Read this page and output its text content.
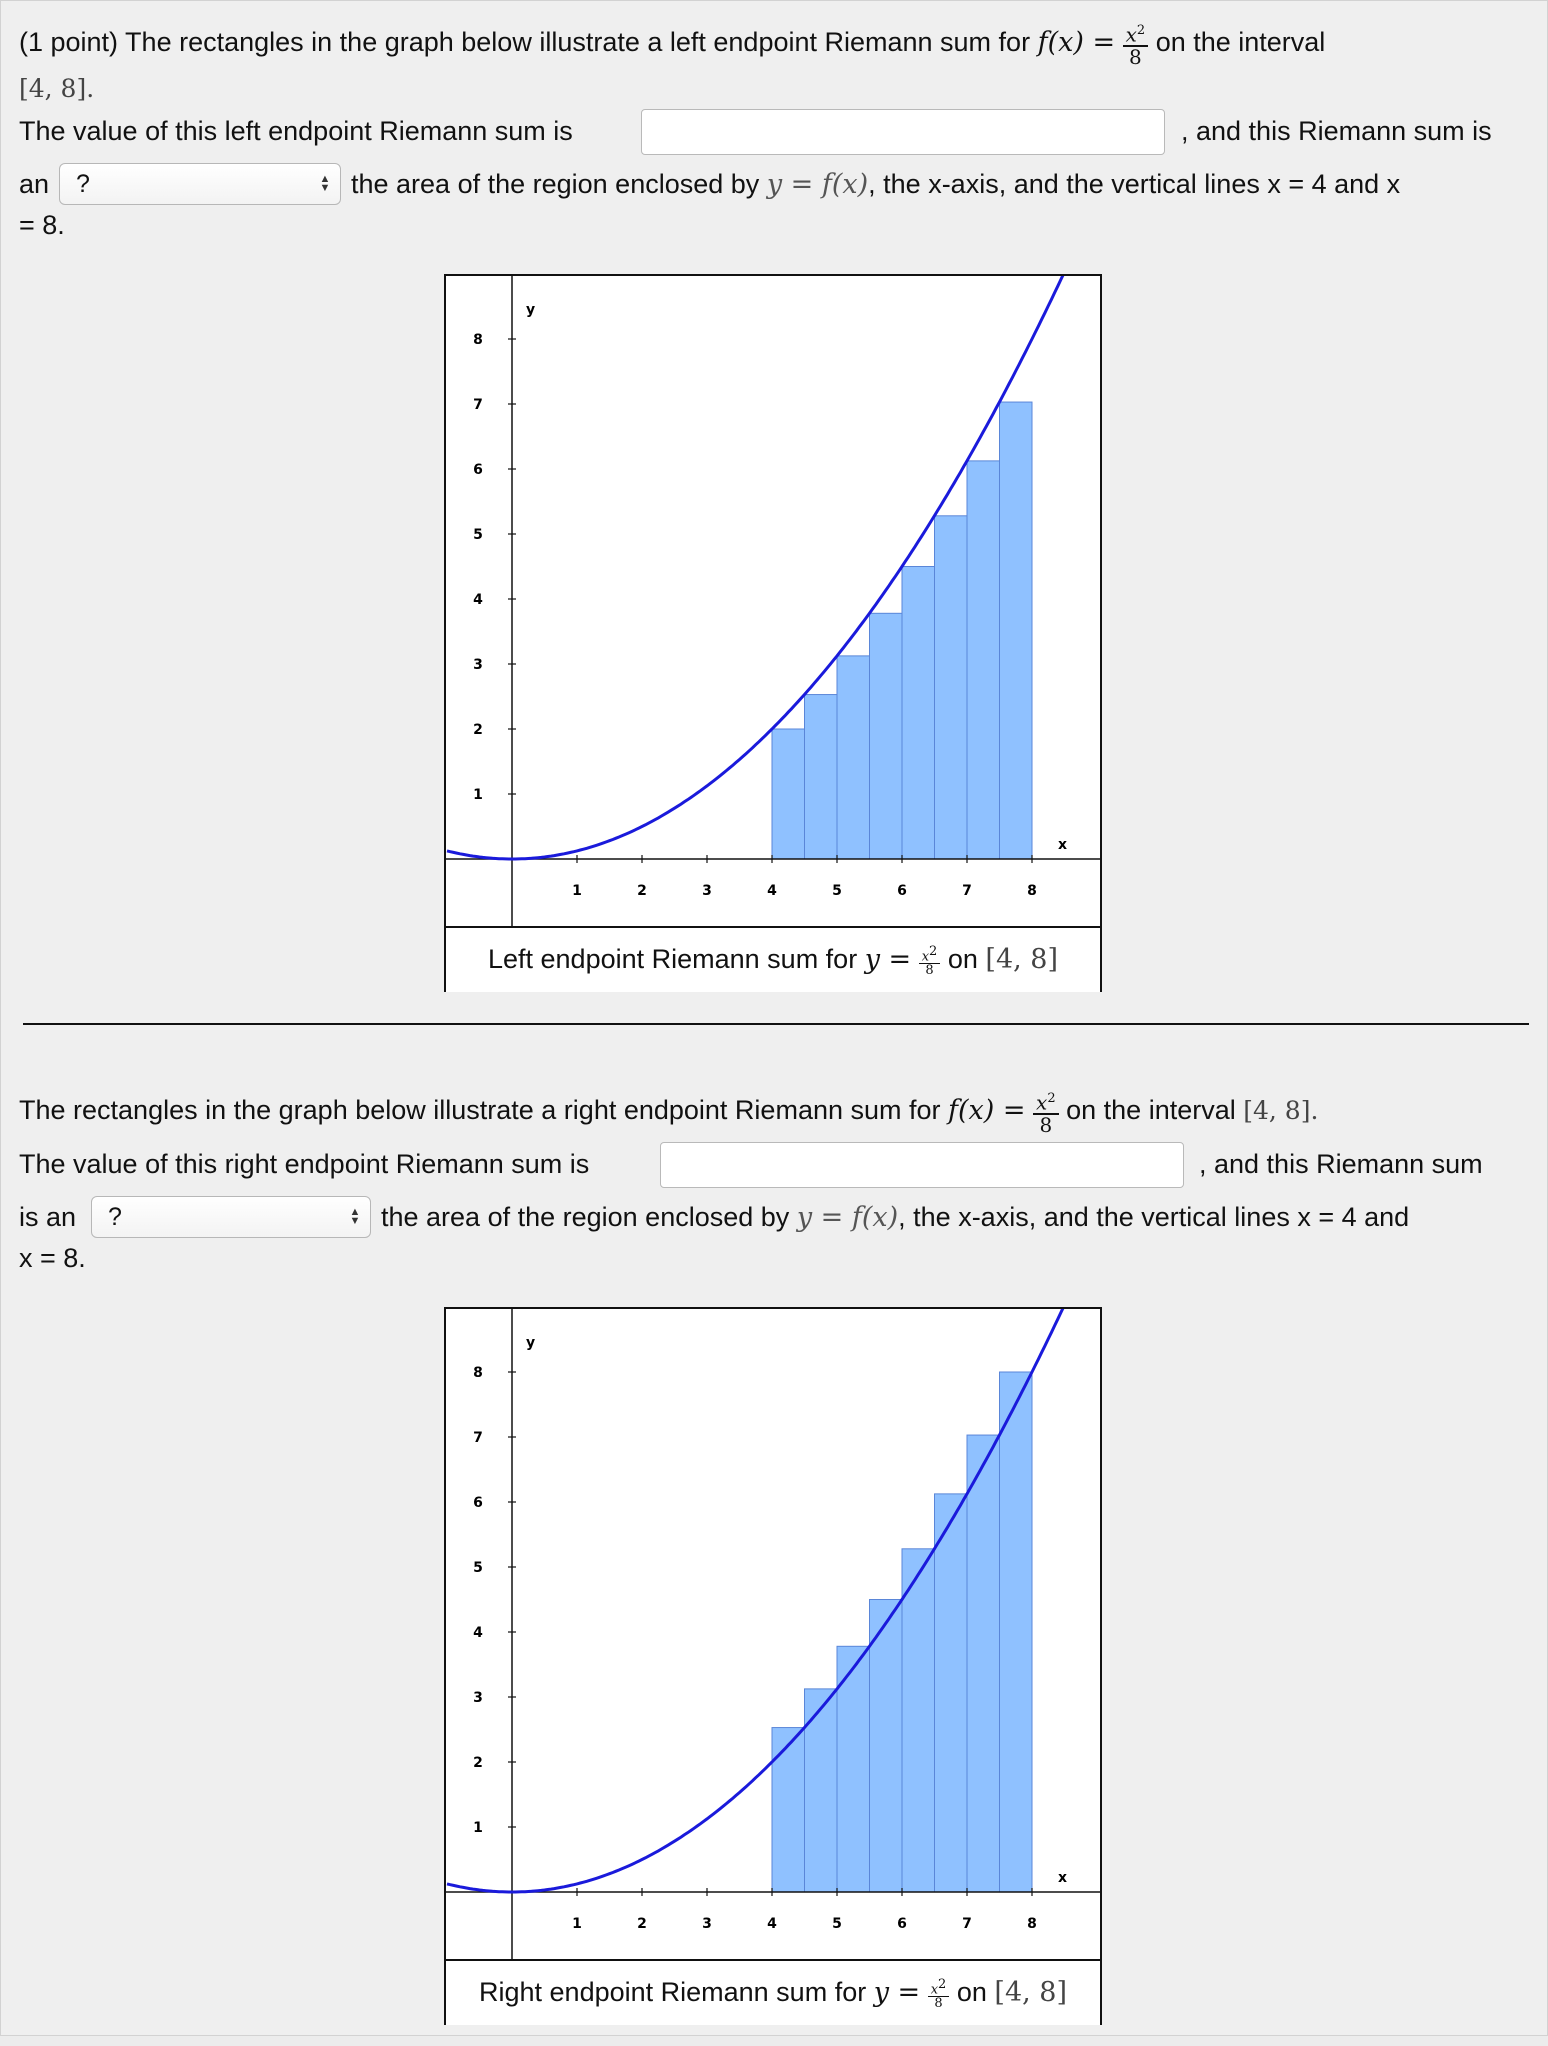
(1 point) The rectangles in the graph below illustrate a left endpoint Riemann sum for $f(x) = \frac{x^2}{8}$ on the interval
[4, 8].
The value of this left endpoint Riemann sum is	, and this Riemann sum is
an	?	▲
▼ the area of the region enclosed by y = f(x), the x-axis, and the vertical lines x = 4 and x
= 8.
1	2	3	4	5	6	7	8
1
2
3
4
5
6
7
8
y
x
Left endpoint Riemann sum for $y = \frac{x^2}{8}$ on [4, 8]
The rectangles in the graph below illustrate a right endpoint Riemann sum for $f(x) = \frac{x^2}{8}$ on the interval [4, 8].
The value of this right endpoint Riemann sum is	, and this Riemann sum
is an	?	▲
▼ the area of the region enclosed by y = f(x), the x-axis, and the vertical lines x = 4 and
x = 8.
1	2	3	4	5	6	7	8
1
2
3
4
5
6
7
8
y
x
Right endpoint Riemann sum for $y = \frac{x^2}{8}$ on [4, 8]
